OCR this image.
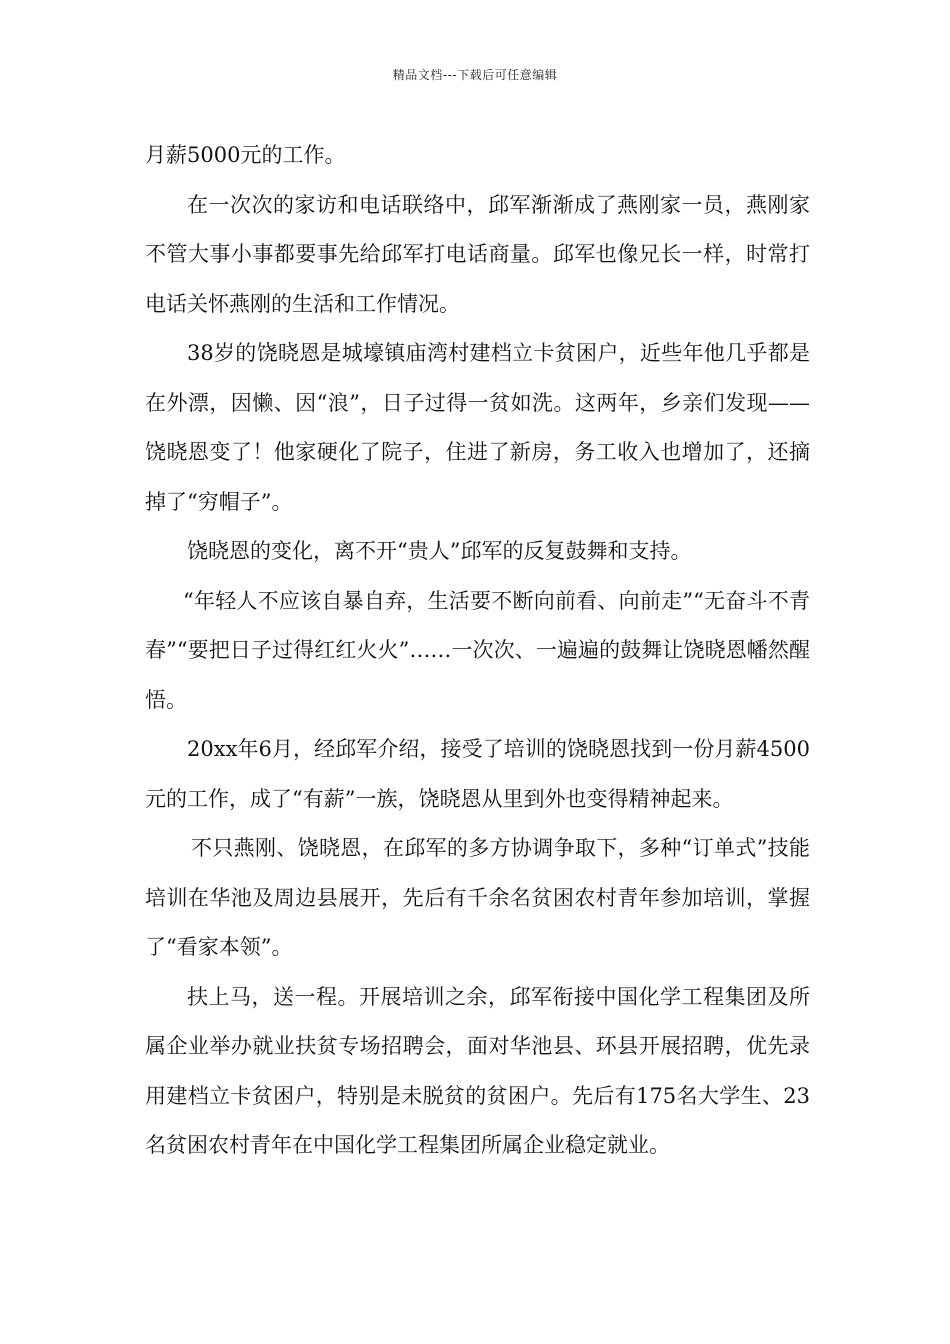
精品文档---下载后可任意编辑

月薪5000元的工作。

在一次次的家访和电话联络中，邱军渐渐成了燕刚家一员，燕刚家不管大事小事都要事先给邱军打电话商量。邱军也像兄长一样，时常打电话关怀燕刚的生活和工作情况。

38岁的饶晓恩是城壕镇庙湾村建档立卡贫困户，近些年他几乎都是在外漂，因懒、因“浪”，日子过得一贫如洗。这两年，乡亲们发现——饶晓恩变了！他家硬化了院子，住进了新房，务工收入也增加了，还摘掉了“穷帽子”。

饶晓恩的变化，离不开“贵人”邱军的反复鼓舞和支持。

“年轻人不应该自暴自弃，生活要不断向前看、向前走”“无奋斗不青春”“要把日子过得红红火火”……一次次、一遍遍的鼓舞让饶晓恩幡然醒悟。

20xx年6月，经邱军介绍，接受了培训的饶晓恩找到一份月薪4500元的工作，成了“有薪”一族，饶晓恩从里到外也变得精神起来。

不只燕刚、饶晓恩，在邱军的多方协调争取下，多种“订单式”技能培训在华池及周边县展开，先后有千余名贫困农村青年参加培训，掌握了“看家本领”。

扶上马，送一程。开展培训之余，邱军衔接中国化学工程集团及所属企业举办就业扶贫专场招聘会，面对华池县、环县开展招聘，优先录用建档立卡贫困户，特别是未脱贫的贫困户。先后有175名大学生、23名贫困农村青年在中国化学工程集团所属企业稳定就业。
